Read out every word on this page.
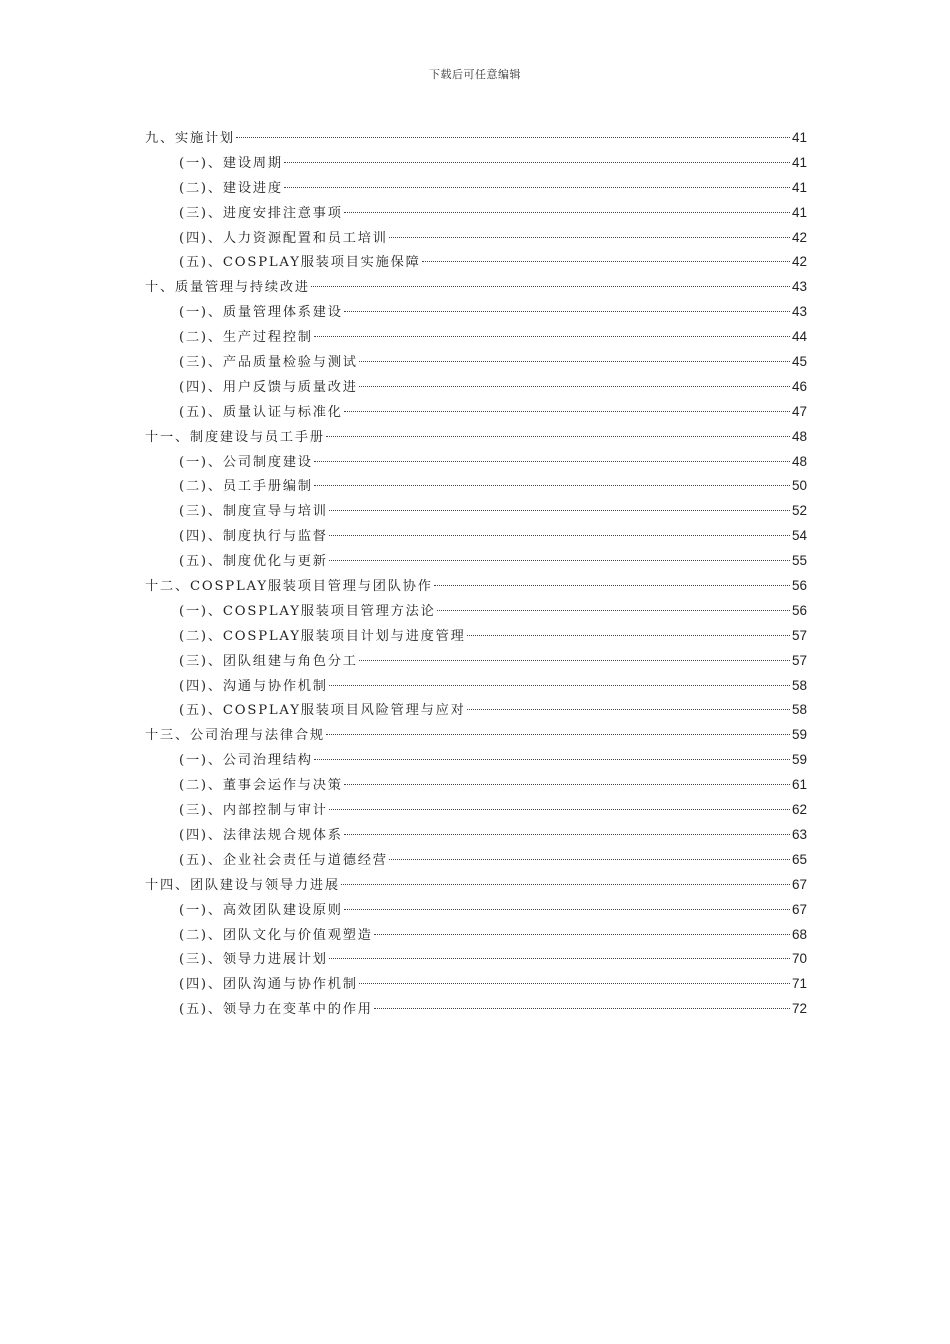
下载后可任意编辑
九、实施计划	41
(一)、建设周期	41
(二)、建设进度	41
(三)、进度安排注意事项	41
(四)、人力资源配置和员工培训	42
(五)、COSPLAY服装项目实施保障	42
十、质量管理与持续改进	43
(一)、质量管理体系建设	43
(二)、生产过程控制	44
(三)、产品质量检验与测试	45
(四)、用户反馈与质量改进	46
(五)、质量认证与标准化	47
十一、制度建设与员工手册	48
(一)、公司制度建设	48
(二)、员工手册编制	50
(三)、制度宣导与培训	52
(四)、制度执行与监督	54
(五)、制度优化与更新	55
十二、COSPLAY服装项目管理与团队协作	56
(一)、COSPLAY服装项目管理方法论	56
(二)、COSPLAY服装项目计划与进度管理	57
(三)、团队组建与角色分工	57
(四)、沟通与协作机制	58
(五)、COSPLAY服装项目风险管理与应对	58
十三、公司治理与法律合规	59
(一)、公司治理结构	59
(二)、董事会运作与决策	61
(三)、内部控制与审计	62
(四)、法律法规合规体系	63
(五)、企业社会责任与道德经营	65
十四、团队建设与领导力进展	67
(一)、高效团队建设原则	67
(二)、团队文化与价值观塑造	68
(三)、领导力进展计划	70
(四)、团队沟通与协作机制	71
(五)、领导力在变革中的作用	72
